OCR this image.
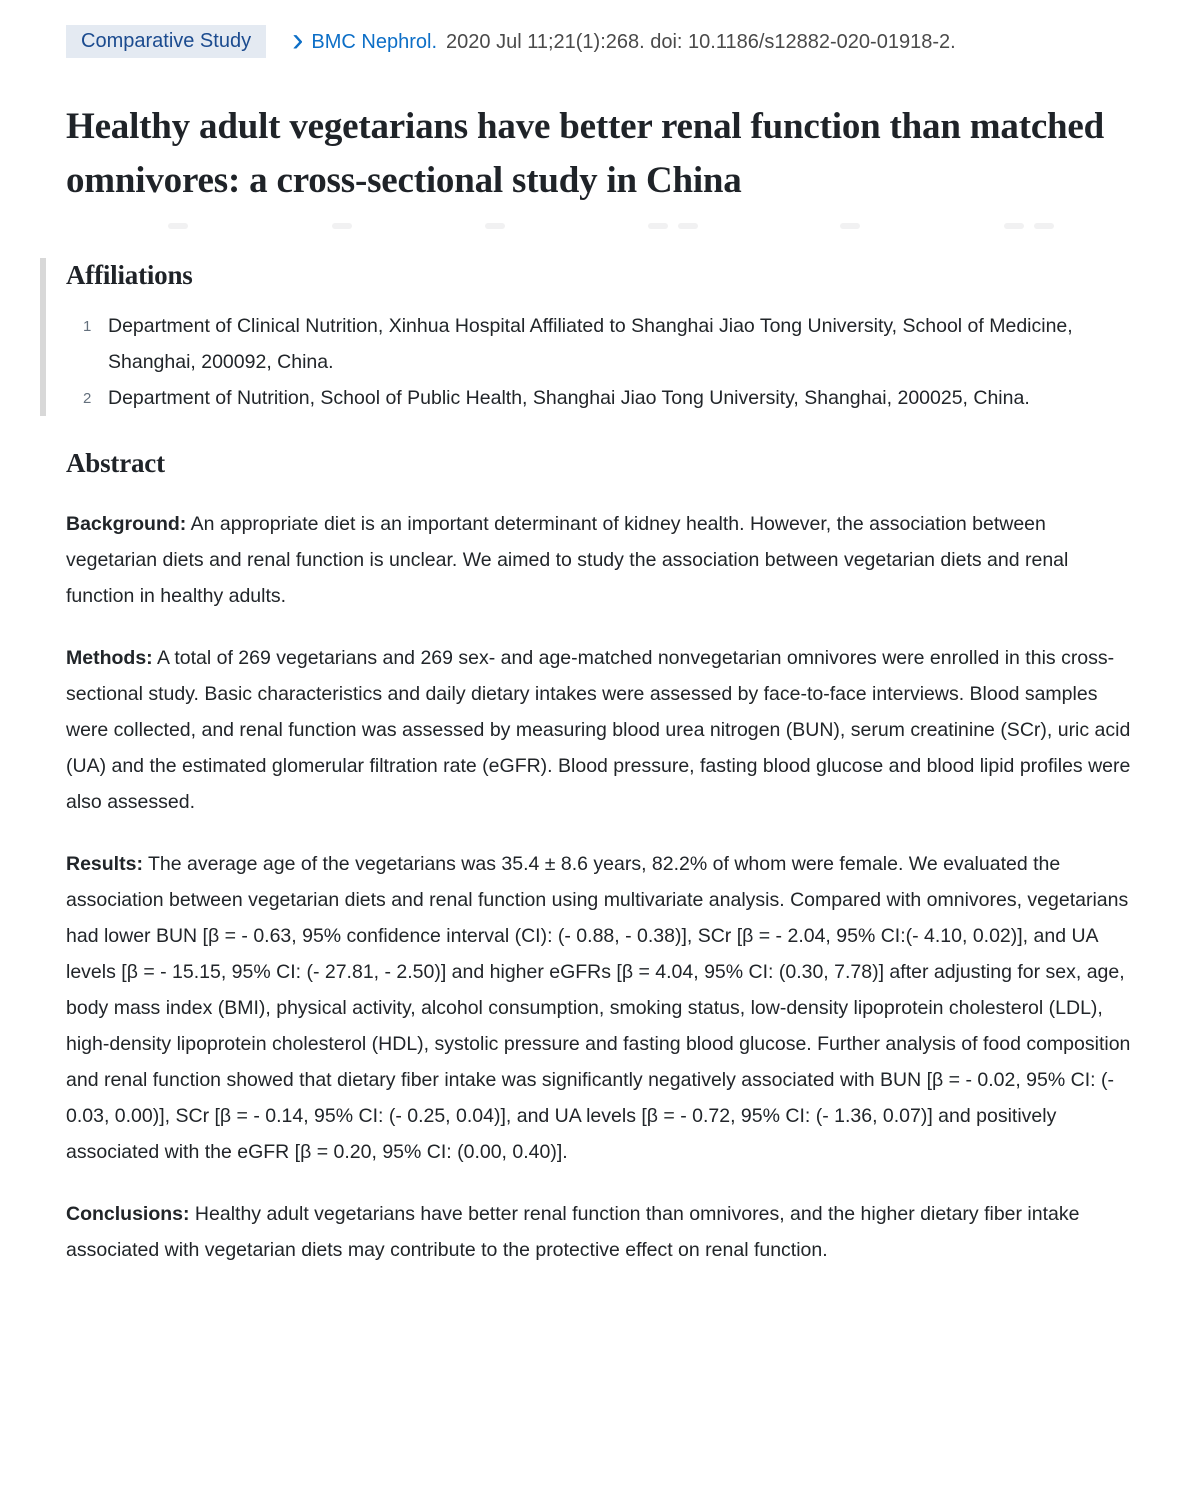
Comparative Study	› BMC Nephrol. 2020 Jul 11;21(1):268. doi: 10.1186/s12882-020-01918-2.
Healthy adult vegetarians have better renal function than matched omnivores: a cross-sectional study in China
Affiliations
1 Department of Clinical Nutrition, Xinhua Hospital Affiliated to Shanghai Jiao Tong University, School of Medicine, Shanghai, 200092, China.
2 Department of Nutrition, School of Public Health, Shanghai Jiao Tong University, Shanghai, 200025, China.
Abstract

Background: An appropriate diet is an important determinant of kidney health. However, the association between vegetarian diets and renal function is unclear. We aimed to study the association between vegetarian diets and renal function in healthy adults.

Methods: A total of 269 vegetarians and 269 sex- and age-matched nonvegetarian omnivores were enrolled in this cross-sectional study. Basic characteristics and daily dietary intakes were assessed by face-to-face interviews. Blood samples were collected, and renal function was assessed by measuring blood urea nitrogen (BUN), serum creatinine (SCr), uric acid (UA) and the estimated glomerular filtration rate (eGFR). Blood pressure, fasting blood glucose and blood lipid profiles were also assessed.

Results: The average age of the vegetarians was 35.4 ± 8.6 years, 82.2% of whom were female. We evaluated the association between vegetarian diets and renal function using multivariate analysis. Compared with omnivores, vegetarians had lower BUN [β = - 0.63, 95% confidence interval (CI): (- 0.88, - 0.38)], SCr [β = - 2.04, 95% CI:(- 4.10, 0.02)], and UA levels [β = - 15.15, 95% CI: (- 27.81, - 2.50)] and higher eGFRs [β = 4.04, 95% CI: (0.30, 7.78)] after adjusting for sex, age, body mass index (BMI), physical activity, alcohol consumption, smoking status, low-density lipoprotein cholesterol (LDL), high-density lipoprotein cholesterol (HDL), systolic pressure and fasting blood glucose. Further analysis of food composition and renal function showed that dietary fiber intake was significantly negatively associated with BUN [β = - 0.02, 95% CI: (- 0.03, 0.00)], SCr [β = - 0.14, 95% CI: (- 0.25, 0.04)], and UA levels [β = - 0.72, 95% CI: (- 1.36, 0.07)] and positively associated with the eGFR [β = 0.20, 95% CI: (0.00, 0.40)].

Conclusions: Healthy adult vegetarians have better renal function than omnivores, and the higher dietary fiber intake associated with vegetarian diets may contribute to the protective effect on renal function.
